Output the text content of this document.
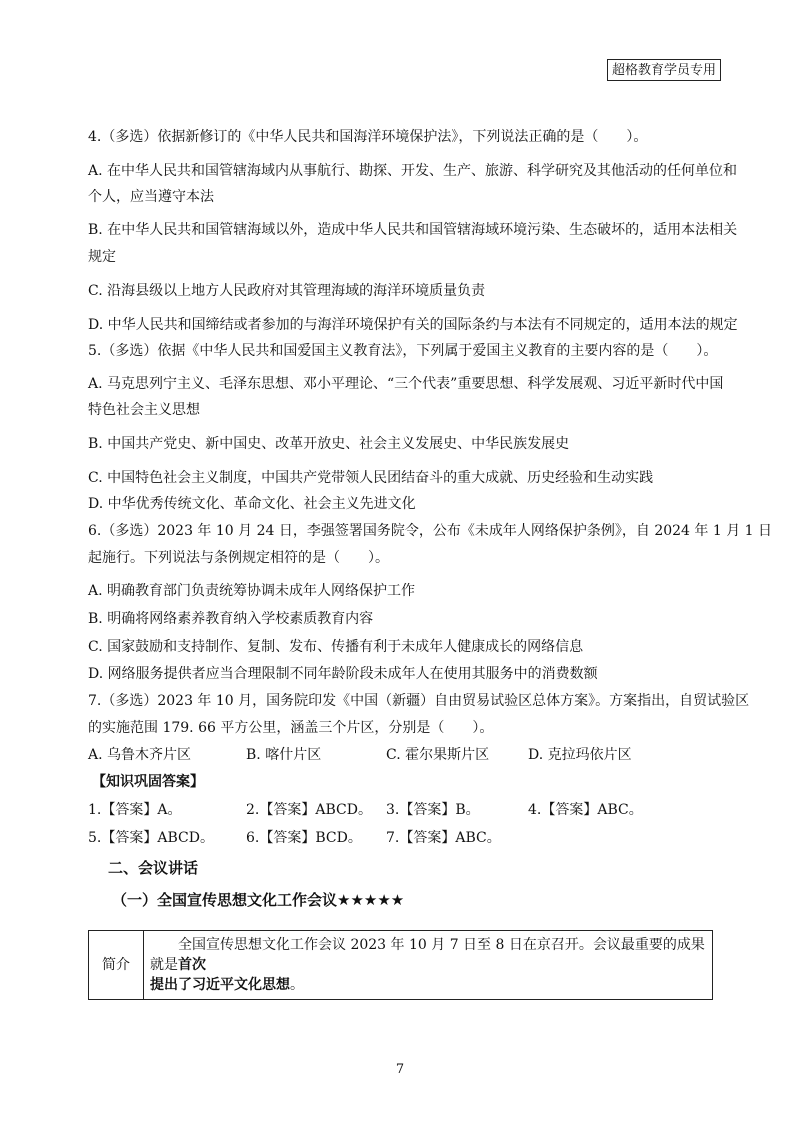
超格教育学员专用
4.（多选）依据新修订的《中华人民共和国海洋环境保护法》，下列说法正确的是（　　）。
A. 在中华人民共和国管辖海域内从事航行、勘探、开发、生产、旅游、科学研究及其他活动的任何单位和
个人，应当遵守本法
B. 在中华人民共和国管辖海域以外，造成中华人民共和国管辖海域环境污染、生态破坏的，适用本法相关
规定
C. 沿海县级以上地方人民政府对其管理海域的海洋环境质量负责
D. 中华人民共和国缔结或者参加的与海洋环境保护有关的国际条约与本法有不同规定的，适用本法的规定
5.（多选）依据《中华人民共和国爱国主义教育法》，下列属于爱国主义教育的主要内容的是（　　）。
A. 马克思列宁主义、毛泽东思想、邓小平理论、“三个代表”重要思想、科学发展观、习近平新时代中国
特色社会主义思想
B. 中国共产党史、新中国史、改革开放史、社会主义发展史、中华民族发展史
C. 中国特色社会主义制度，中国共产党带领人民团结奋斗的重大成就、历史经验和生动实践
D. 中华优秀传统文化、革命文化、社会主义先进文化
6.（多选）2023 年 10 月 24 日，李强签署国务院令，公布《未成年人网络保护条例》，自 2024 年 1 月 1 日
起施行。下列说法与条例规定相符的是（　　）。
A. 明确教育部门负责统筹协调未成年人网络保护工作
B. 明确将网络素养教育纳入学校素质教育内容
C. 国家鼓励和支持制作、复制、发布、传播有利于未成年人健康成长的网络信息
D. 网络服务提供者应当合理限制不同年龄阶段未成年人在使用其服务中的消费数额
7.（多选）2023 年 10 月，国务院印发《中国（新疆）自由贸易试验区总体方案》。方案指出，自贸试验区
的实施范围 179. 66 平方公里，涵盖三个片区，分别是（　　）。
A. 乌鲁木齐片区	B. 喀什片区	C. 霍尔果斯片区	D. 克拉玛依片区
【知识巩固答案】
1.【答案】A。	2.【答案】ABCD。	3.【答案】B。	4.【答案】ABC。
5.【答案】ABCD。	6.【答案】BCD。	7.【答案】ABC。
二、会议讲话
（一）全国宣传思想文化工作会议★★★★★
简介	全国宣传思想文化工作会议 2023 年 10 月 7 日至 8 日在京召开。会议最重要的成果就是首次
提出了习近平文化思想。
7
